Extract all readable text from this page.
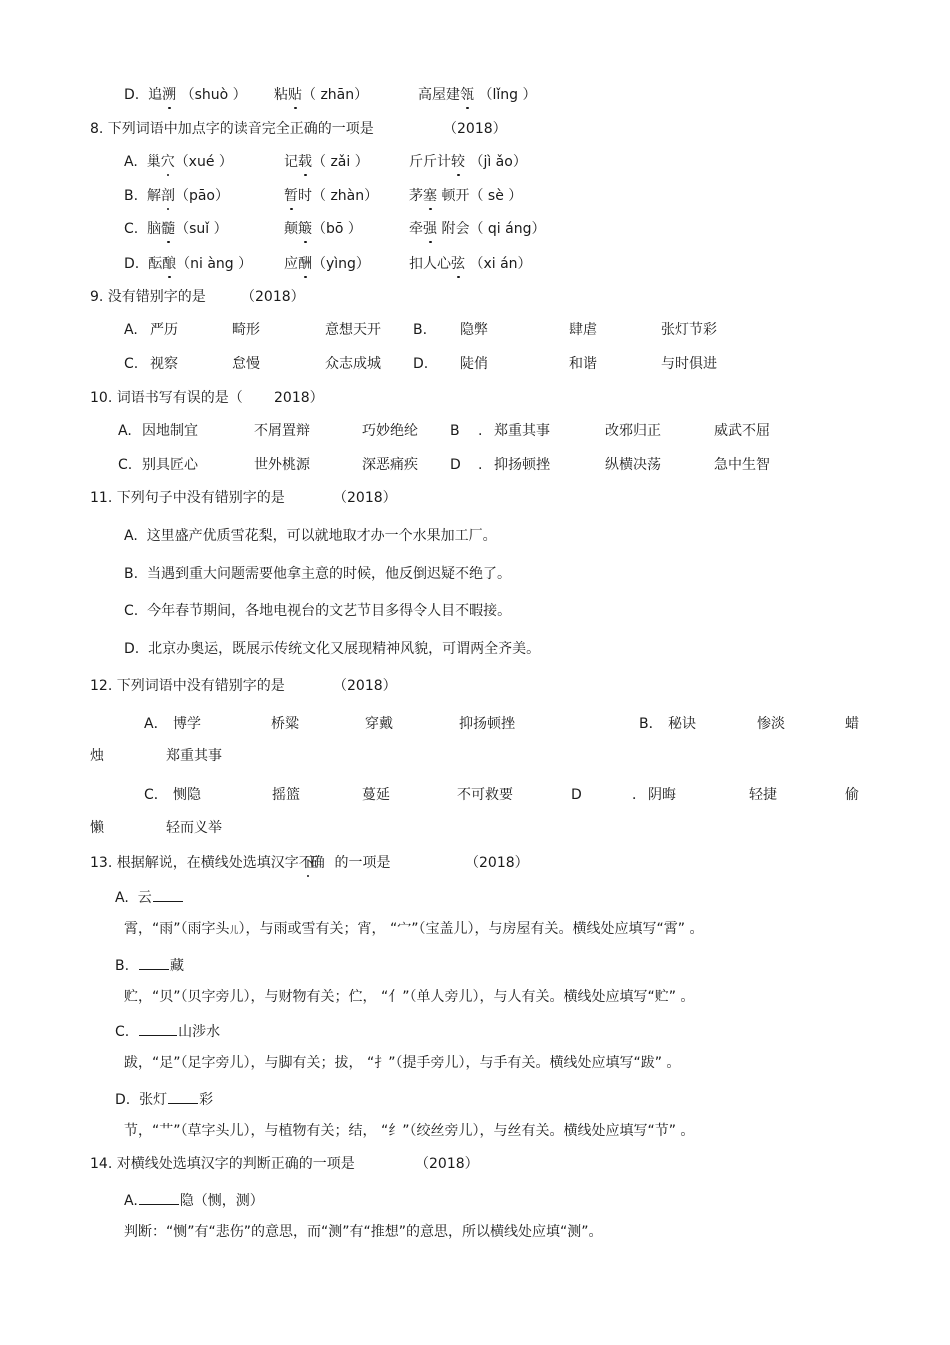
D. 追溯 （shuò ） 粘贴（ zhān）	高屋建瓴 （lǐng ）
8. 下列词语中加点字的读音完全正确的一项是	（2018）
A. 巢穴（xué ）	记载（ zǎi ）	斤斤计较 （jì ǎo）
B. 解剖（pāo）	暂时（ zhàn） 茅塞 顿开（ sè ）
C. 脑髓（suǐ ）	颠簸（bō ）	牵强 附会（ qi áng）
D. 酝酿（ni àng ） 应酬（yìng）	扣人心弦 （xi án）
9. 没有错别字的是	（2018）
A. 严历	畸形	意想天开 B. 隐弊	肆虐	张灯节彩
C. 视察	怠慢	众志成城 D. 陡俏	和谐	与时俱进
10. 词语书写有误的是（ 2018）
A. 因地制宜	不屑置辩	巧妙绝纶 B . 郑重其事	改邪归正	威武不屈
C. 别具匠心	世外桃源	深恶痛疾 D . 抑扬顿挫	纵横决荡	急中生智
11. 下列句子中没有错别字的是	（2018）
A. 这里盛产优质雪花梨，可以就地取才办一个水果加工厂。
B. 当遇到重大问题需要他拿主意的时候，他反倒迟疑不绝了。
C. 今年春节期间，各地电视台的文艺节目多得令人目不暇接。
D. 北京办奥运，既展示传统文化又展现精神风貌，可谓两全齐美。
12. 下列词语中没有错别字的是	（2018）
A． 博学	桥粱	穿戴	抑扬顿挫	B． 秘诀	惨淡	蜡
烛	郑重其事
C． 恻隐	摇篮	蔓延	不可救要	D	． 阴晦	轻捷	偷
懒	轻而义举
13. 根据解说，在横线处选填汉字不正确 的一项是	（2018）
A. 云
霄，“雨”（雨字头儿），与雨或雪有关；宵， “宀”（宝盖儿），与房屋有关。横线处应填写“霄” 。
B.	藏
贮，“贝”（贝字旁儿），与财物有关；伫， “亻”（单人旁儿），与人有关。横线处应填写“贮” 。
C.	山涉水
跋，“足”（足字旁儿），与脚有关；拔， “扌”（提手旁儿），与手有关。横线处应填写“跋” 。
D. 张灯 彩
节，“艹”（草字头儿），与植物有关；结， “纟”（绞丝旁儿），与丝有关。横线处应填写“节” 。
14. 对横线处选填汉字的判断正确的一项是	（2018）
A.	隐（恻，测）
判断：“恻”有“悲伤”的意思，而“测”有“推想”的意思，所以横线处应填“测”。
